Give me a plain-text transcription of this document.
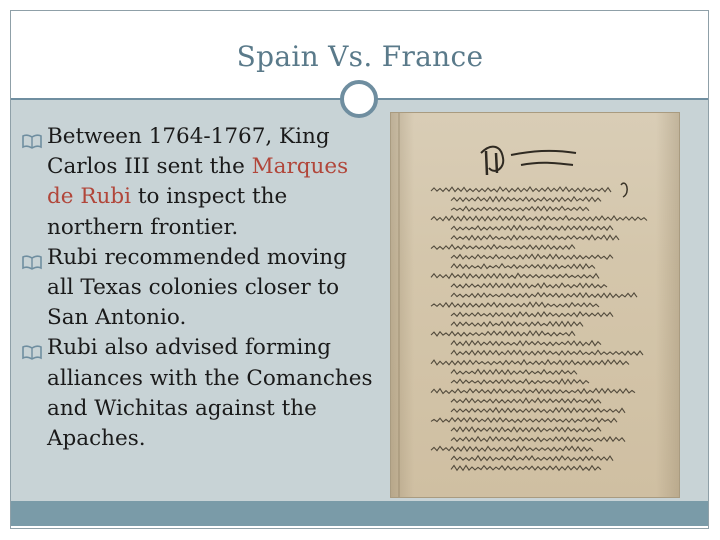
Spain Vs. France
Between 1764-1767, King Carlos III sent the Marques de Rubi to inspect the northern frontier.
Rubi recommended moving all Texas colonies closer to San Antonio.
Rubi also advised forming alliances with the Comanches and Wichitas against the Apaches.
